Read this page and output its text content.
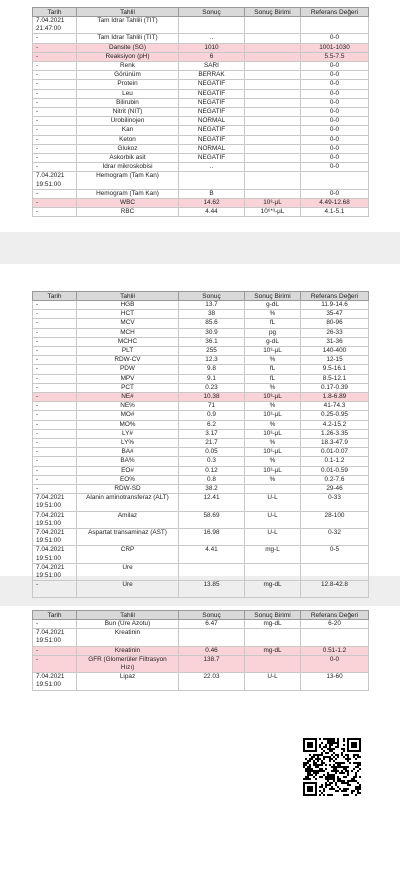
Tarih	Tahlil	Sonuç	Sonuç Birimi	Referans Değeri
7.04.2021
21:47:00	Tam İdrar Tahlili (TİT)			
-	Tam İdrar Tahlili (TİT)	..		0-0
-	Dansite (SG)	1010		1001-1030
-	Reaksiyon (pH)	6		5.5-7.5
-	Renk	SARI		0-0
-	Görünüm	BERRAK		0-0
-	Protein	NEGATİF		0-0
-	Leu	NEGATİF		0-0
-	Bilirubin	NEGATİF		0-0
-	Nitrit (NIT)	NEGATİF		0-0
-	Ürobilinojen	NORMAL		0-0
-	Kan	NEGATİF		0-0
-	Keton	NEGATİF		0-0
-	Glukoz	NORMAL		0-0
-	Askorbik asit	NEGATİF		0-0
-	İdrar mikroskobisi	..		0-0
7.04.2021
19:51:00	Hemogram (Tam Kan)			
-	Hemogram (Tam Kan)	B		0-0
-	WBC	14.62	10³-µL	4.49-12.68
-	RBC	4.44	10⁶*³-µL	4.1-5.1
Tarih	Tahlil	Sonuç	Sonuç Birimi	Referans Değeri
-	HGB	13.7	g-dL	11.9-14.6
-	HCT	38	%	35-47
-	MCV	85.6	fL	80-96
-	MCH	30.9	pg	26-33
-	MCHC	36.1	g-dL	31-36
-	PLT	255	10³-µL	140-400
-	RDW-CV	12.3	%	12-15
-	PDW	9.8	fL	9.5-16.1
-	MPV	9.1	fL	8.5-12.1
-	PCT	0.23	%	0.17-0.39
-	NE#	10.38	10³-µL	1.8-6.89
-	NE%	71	%	41-74.3
-	MO#	0.9	10³-µL	0.25-0.95
-	MO%	6.2	%	4.2-15.2
-	LY#	3.17	10³-µL	1.26-3.35
-	LY%	21.7	%	18.3-47.9
-	BA#	0.05	10³-µL	0.01-0.07
-	BA%	0.3	%	0.1-1.2
-	EO#	0.12	10³-µL	0.01-0.59
-	EO%	0.8	%	0.2-7.6
-	RDW-SD	38.2		29-46
7.04.2021
19:51:00	Alanin aminotransferaz (ALT)	12.41	U-L	0-33
7.04.2021
19:51:00	Amilaz	58.69	U-L	28-100
7.04.2021
19:51:00	Aspartat transaminaz (AST)	16.98	U-L	0-32
7.04.2021
19:51:00	CRP	4.41	mg-L	0-5
7.04.2021
19:51:00	Üre			
-	Üre	13.85	mg-dL	12.8-42.8
Tarih	Tahlil	Sonuç	Sonuç Birimi	Referans Değeri
-	Bun (Üre Azotu)	6.47	mg-dL	6-20
7.04.2021
19:51:00	Kreatinin			
-	Kreatinin	0.46	mg-dL	0.51-1.2
-	GFR (Glomerüler Filtrasyon
Hızı)	138.7		0-0
7.04.2021
19:51:00	Lipaz	22.03	U-L	13-60
